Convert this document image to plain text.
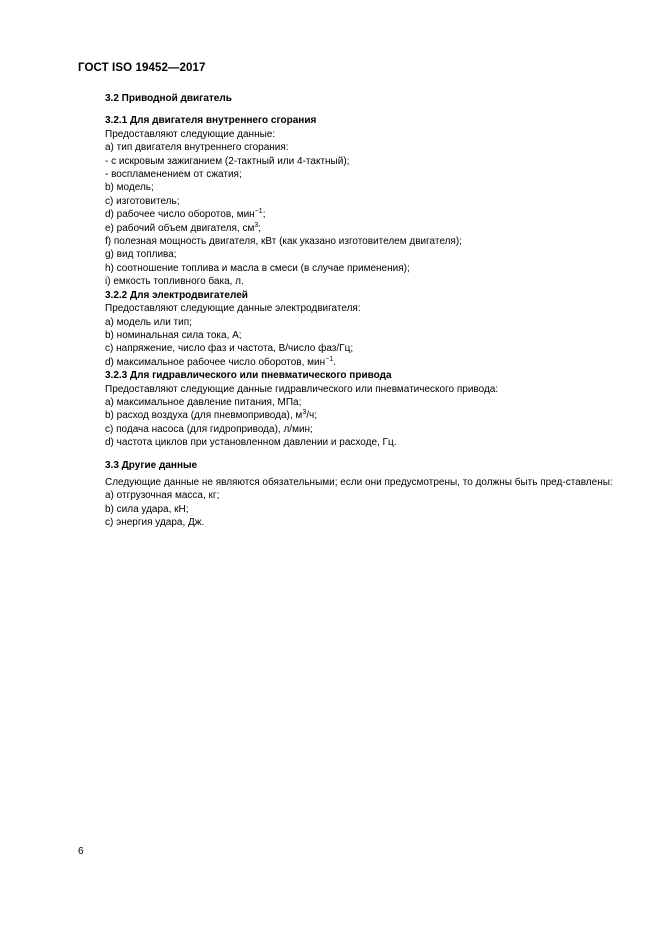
ГОСТ ISO 19452—2017
3.2 Приводной двигатель
3.2.1 Для двигателя внутреннего сгорания
Предоставляют следующие данные:
a) тип двигателя внутреннего сгорания:
- с искровым зажиганием (2-тактный или 4-тактный);
- воспламенением от сжатия;
b) модель;
c) изготовитель;
d) рабочее число оборотов, мин$^{-1}$;
e) рабочий объем двигателя, $см^3$;
f) полезная мощность двигателя, кВт (как указано изготовителем двигателя);
g) вид топлива;
h) соотношение топлива и масла в смеси (в случае применения);
i) емкость топливного бака, л.
3.2.2 Для электродвигателей
Предоставляют следующие данные электродвигателя:
a) модель или тип;
b) номинальная сила тока, А;
c) напряжение, число фаз и частота, В/число фаз/Гц;
d) максимальное рабочее число оборотов, мин$^{-1}$.
3.2.3 Для гидравлического или пневматического привода
Предоставляют следующие данные гидравлического или пневматического привода:
a) максимальное давление питания, МПа;
b) расход воздуха (для пневмопривода), $м^3/ч$;
c) подача насоса (для гидропривода), л/мин;
d) частота циклов при установленном давлении и расходе, Гц.
3.3 Другие данные
Следующие данные не являются обязательными; если они предусмотрены, то должны быть пред-ставлены:
a) отгрузочная масса, кг;
b) сила удара, кН;
c) энергия удара, Дж.
6
